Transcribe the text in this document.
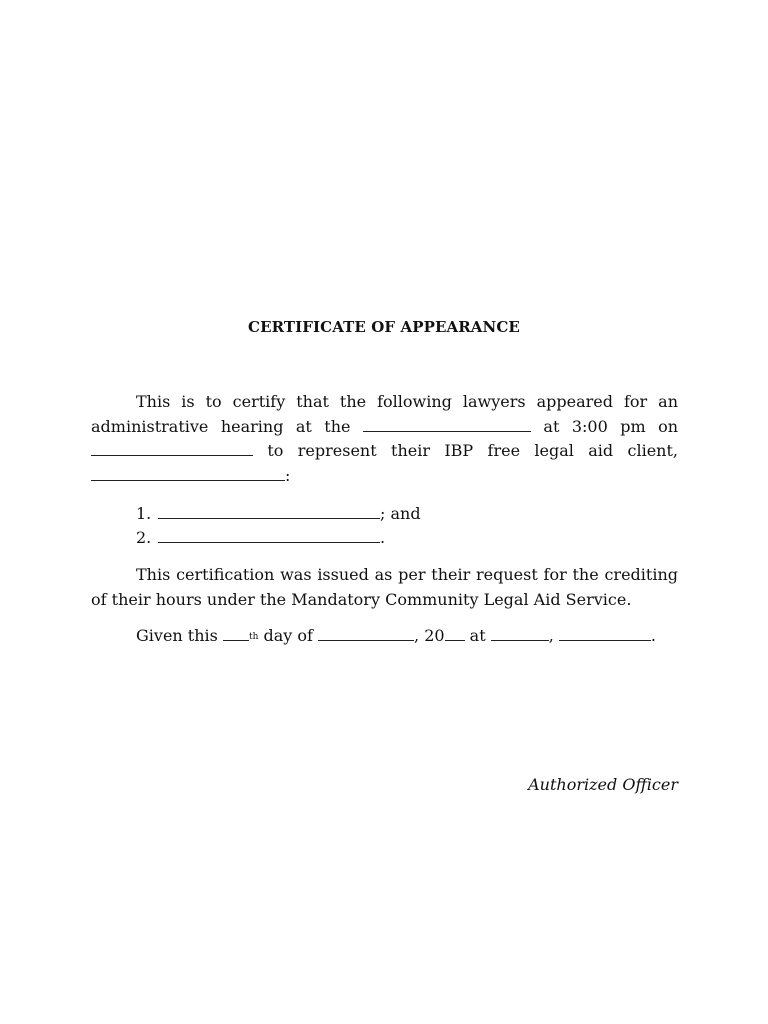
CERTIFICATE OF APPEARANCE
This is to certify that the following lawyers appeared for an administrative hearing at the	at 3:00 pm on  to represent their IBP free legal aid client, :
1.	; and
2.	.
This certification was issued as per their request for the crediting of their hours under the Mandatory Community Legal Aid Service.
Given this	$^{th}$ day of	, 20 at	,	.
Authorized Officer
